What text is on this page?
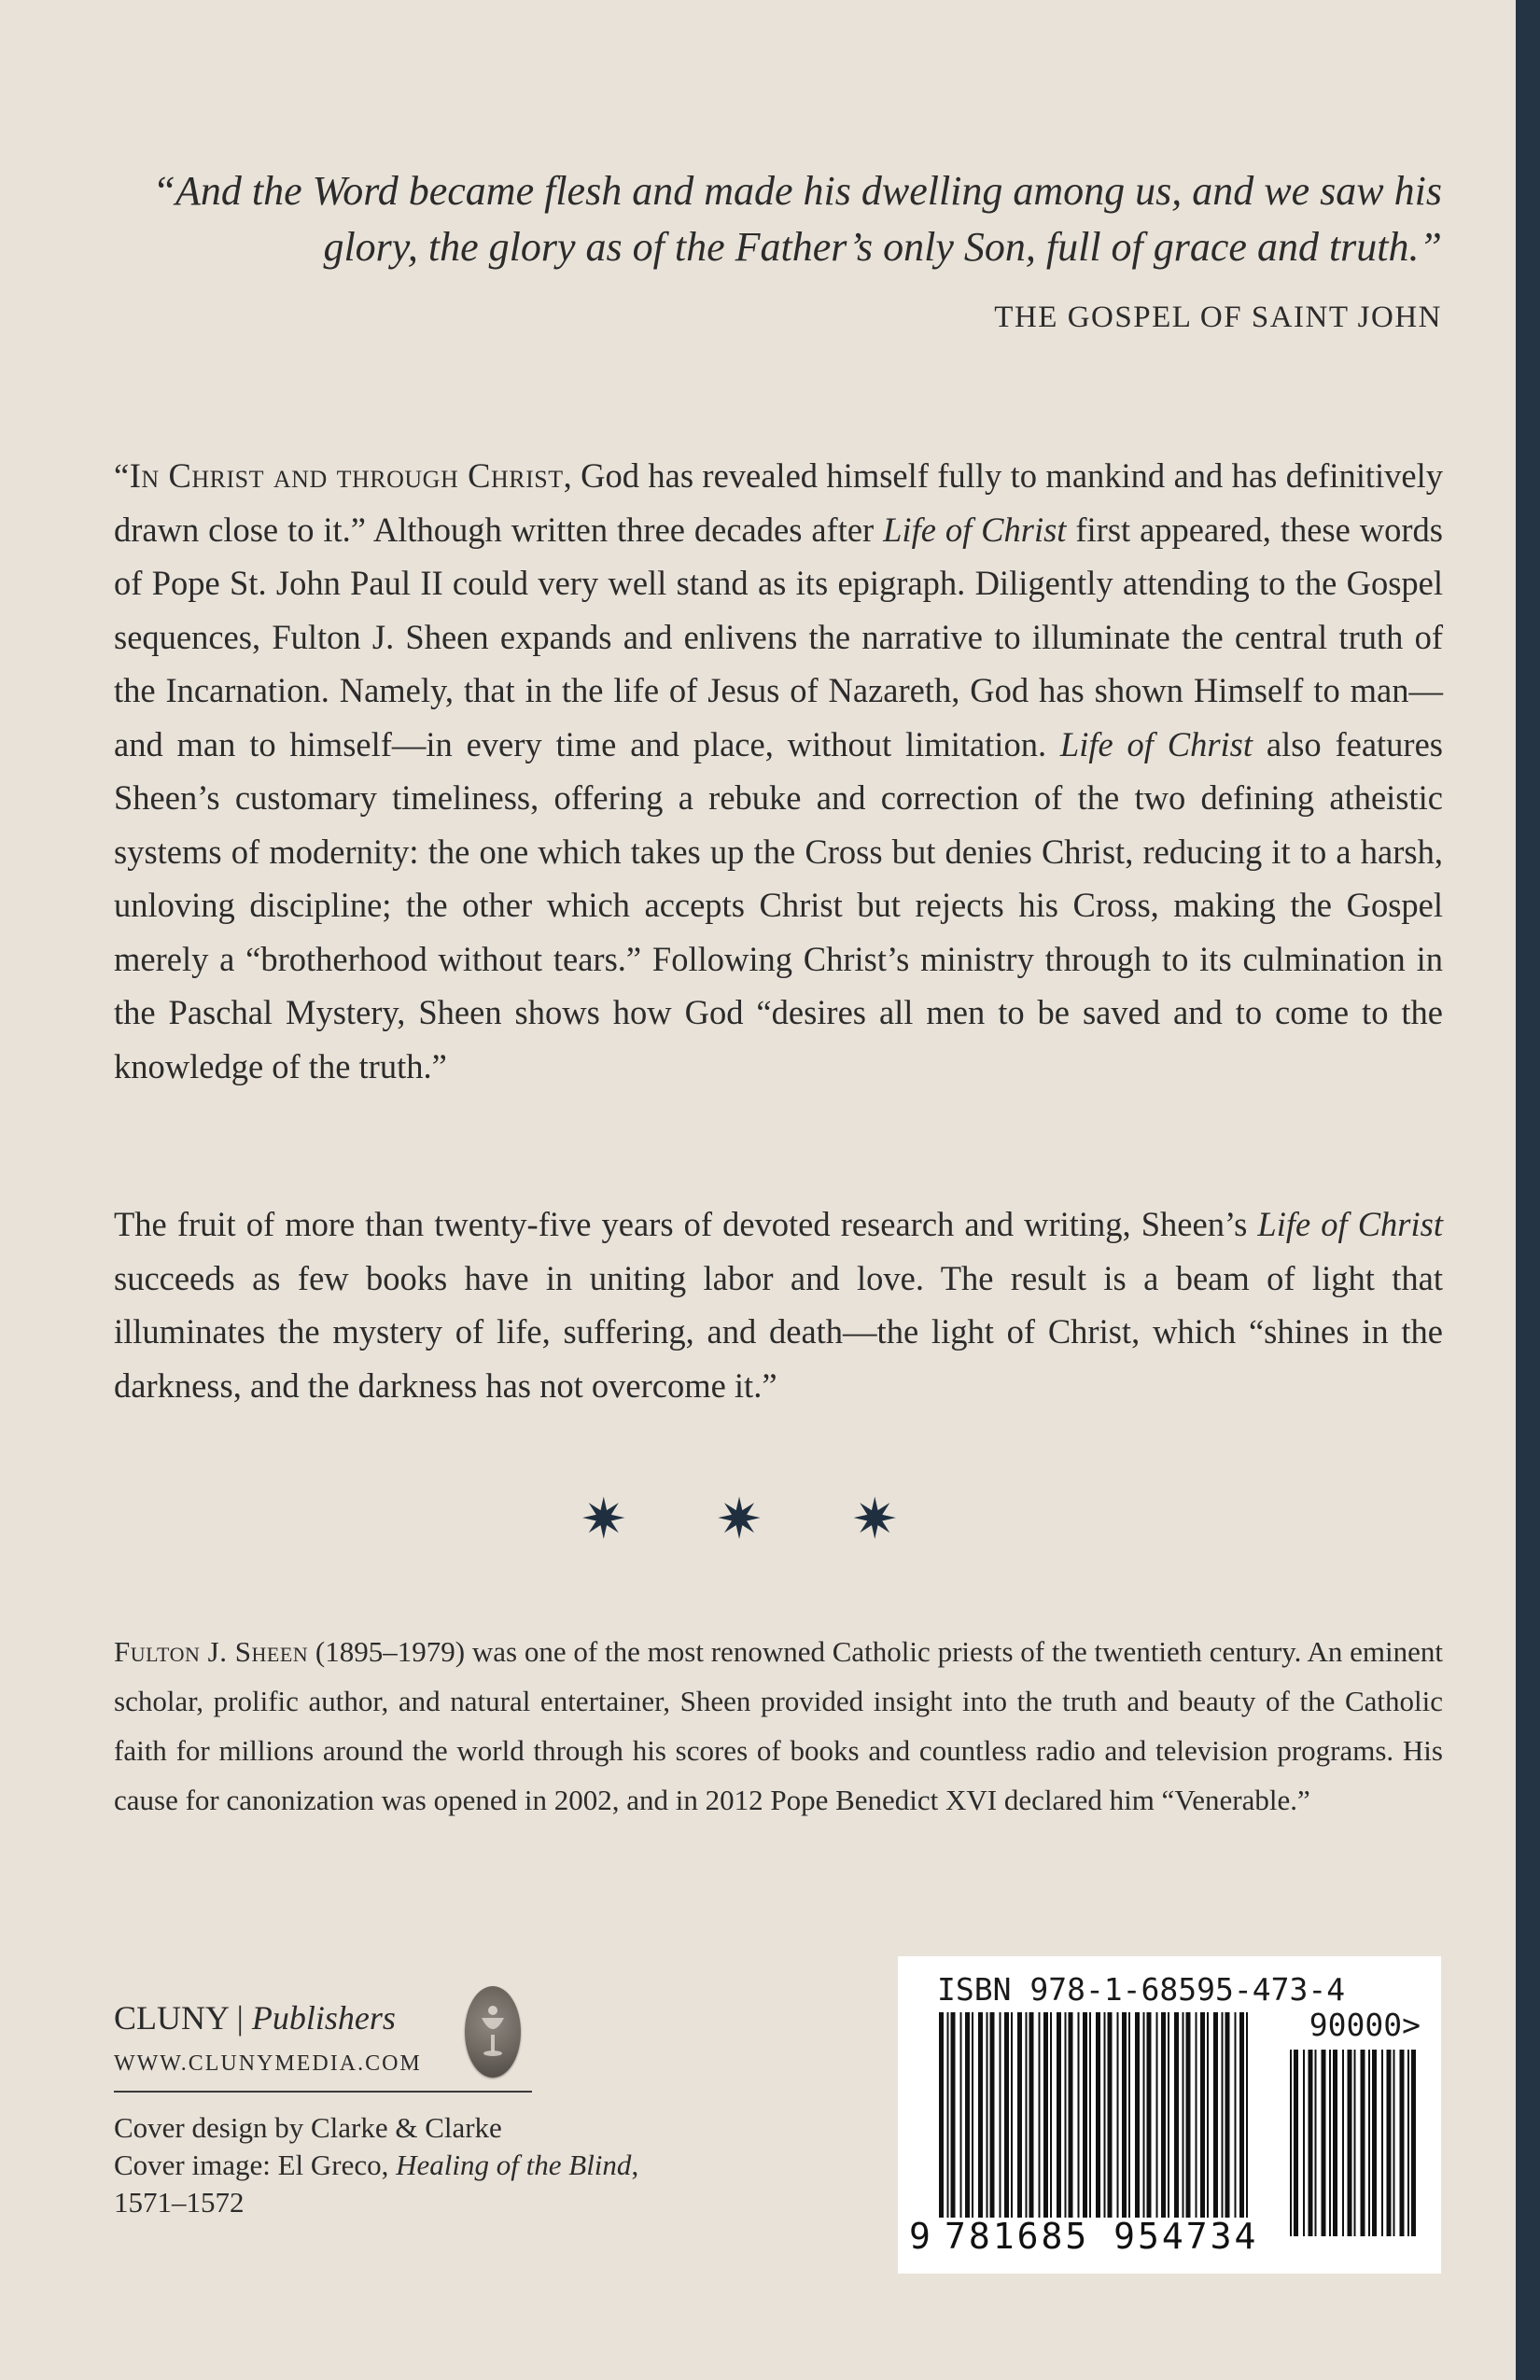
“And the Word became flesh and made his dwelling among us, and we saw his
glory, the glory as of the Father’s only Son, full of grace and truth.”
THE GOSPEL OF SAINT JOHN

“In Christ and through Christ, God has revealed himself fully to mankind and has definitively drawn close to it.” Although written three decades after Life of Christ first appeared, these words of Pope St. John Paul II could very well stand as its epigraph. Diligently attending to the Gospel sequences, Fulton J. Sheen expands and enlivens the narrative to illuminate the central truth of the Incarnation. Namely, that in the life of Jesus of Nazareth, God has shown Himself to man—and man to himself—in every time and place, without limitation. Life of Christ also features Sheen’s customary timeliness, offering a rebuke and correction of the two defining atheistic systems of modernity: the one which takes up the Cross but denies Christ, reducing it to a harsh, unloving discipline; the other which accepts Christ but rejects his Cross, making the Gospel merely a “brotherhood without tears.” Following Christ’s ministry through to its culmination in the Paschal Mystery, Sheen shows how God “desires all men to be saved and to come to the knowledge of the truth.”

The fruit of more than twenty-five years of devoted research and writing, Sheen’s Life of Christ succeeds as few books have in uniting labor and love. The result is a beam of light that illuminates the mystery of life, suffering, and death—the light of Christ, which “shines in the darkness, and the darkness has not overcome it.”

✷ ✷ ✷

Fulton J. Sheen (1895–1979) was one of the most renowned Catholic priests of the twentieth century. An eminent scholar, prolific author, and natural entertainer, Sheen provided insight into the truth and beauty of the Catholic faith for millions around the world through his scores of books and countless radio and television programs. His cause for canonization was opened in 2002, and in 2012 Pope Benedict XVI declared him “Venerable.”

CLUNY | Publishers
WWW.CLUNYMEDIA.COM
Cover design by Clarke & Clarke
Cover image: El Greco, Healing of the Blind,
1571–1572
ISBN 978-1-68595-473-4
90000>
9 781685 954734
